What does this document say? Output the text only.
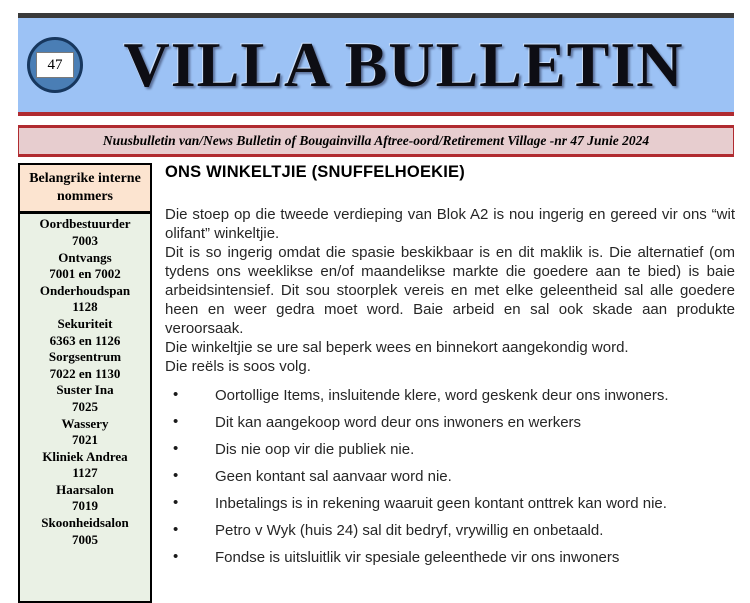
47 VILLA BULLETIN
Nuusbulletin van/News Bulletin of Bougainvilla Aftree-oord/Retirement Village -nr 47 Junie 2024
Belangrike interne nommers
Oordbestuurder
7003
Ontvangs
7001 en 7002
Onderhoudspan
1128
Sekuriteit
6363 en 1126
Sorgsentrum
7022 en 1130
Suster Ina
7025
Wassery
7021
Kliniek Andrea
1127
Haarsalon
7019
Skoonheidsalon
7005
ONS WINKELTJIE (SNUFFELHOEKIE)

Die stoep op die tweede verdieping van Blok A2 is nou ingerig en gereed vir ons “wit olifant” winkeltjie.

Dit is so ingerig omdat die spasie beskikbaar is en dit maklik is. Die alternatief (om tydens ons weeklikse en/of maandelikse markte die goedere aan te bied) is baie arbeidsintensief. Dit sou stoorplek vereis en met elke geleentheid sal alle goedere heen en weer gedra moet word. Baie arbeid en sal ook skade aan produkte veroorsaak.

Die winkeltjie se ure sal beperk wees en binnekort aangekondig word.

Die reëls is soos volg.

• Oortollige Items, insluitende klere, word geskenk deur ons inwoners.
• Dit kan aangekoop word deur ons inwoners en werkers
• Dis nie oop vir die publiek nie.
• Geen kontant sal aanvaar word nie.
• Inbetalings is in rekening waaruit geen kontant onttrek kan word nie.
• Petro v Wyk (huis 24) sal dit bedryf, vrywillig en onbetaald.
• Fondse is uitsluitlik vir spesiale geleenthede vir ons inwoners
